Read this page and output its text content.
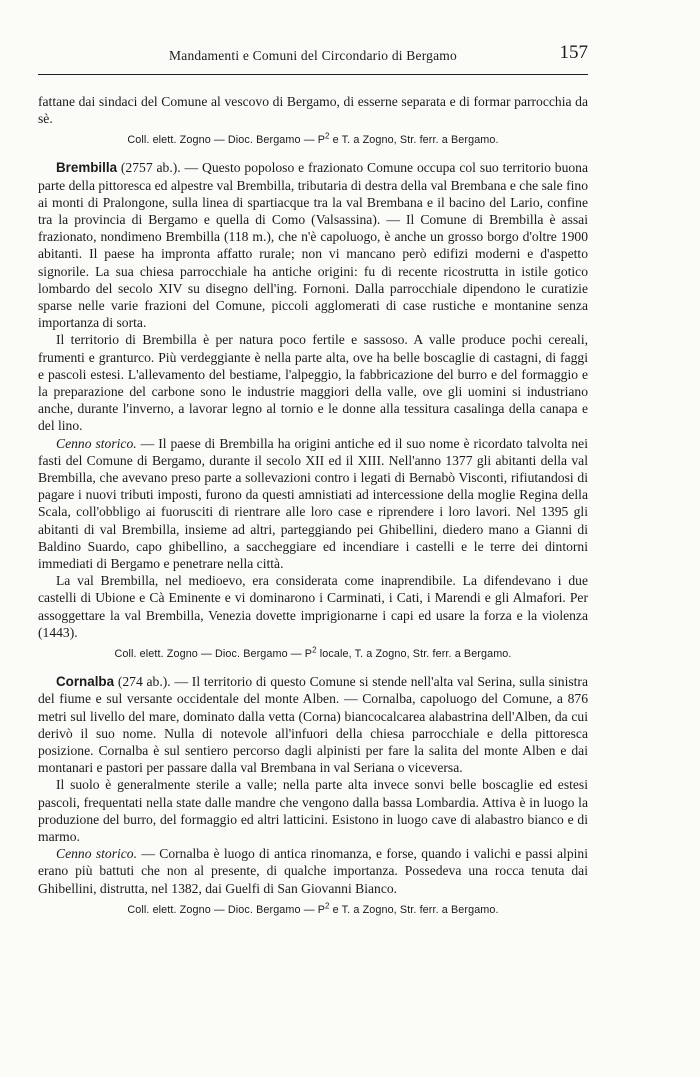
Mandamenti e Comuni del Circondario di Bergamo	157

fattane dai sindaci del Comune al vescovo di Bergamo, di esserne separata e di formar parrocchia da sè.

Coll. elett. Zogno — Dioc. Bergamo — $P^2$ e T. a Zogno, Str. ferr. a Bergamo.

Brembilla (2757 ab.). — Questo popoloso e frazionato Comune occupa col suo territorio buona parte della pittoresca ed alpestre val Brembilla, tributaria di destra della val Brembana e che sale fino ai monti di Pralongone, sulla linea di spartiacque tra la val Brembana e il bacino del Lario, confine tra la provincia di Bergamo e quella di Como (Valsassina). — Il Comune di Brembilla è assai frazionato, nondimeno Brembilla (118 m.), che n'è capoluogo, è anche un grosso borgo d'oltre 1900 abitanti. Il paese ha impronta affatto rurale; non vi mancano però edifizi moderni e d'aspetto signorile. La sua chiesa parrocchiale ha antiche origini: fu di recente ricostrutta in istile gotico lombardo del secolo XIV su disegno dell'ing. Fornoni. Dalla parrocchiale dipendono le curatizie sparse nelle varie frazioni del Comune, piccoli agglomerati di case rustiche e montanine senza importanza di sorta.

Il territorio di Brembilla è per natura poco fertile e sassoso. A valle produce pochi cereali, frumenti e granturco. Più verdeggiante è nella parte alta, ove ha belle boscaglie di castagni, di faggi e pascoli estesi. L'allevamento del bestiame, l'alpeggio, la fabbricazione del burro e del formaggio e la preparazione del carbone sono le industrie maggiori della valle, ove gli uomini si industriano anche, durante l'inverno, a lavorar legno al tornio e le donne alla tessitura casalinga della canapa e del lino.

Cenno storico. — Il paese di Brembilla ha origini antiche ed il suo nome è ricordato talvolta nei fasti del Comune di Bergamo, durante il secolo XII ed il XIII. Nell'anno 1377 gli abitanti della val Brembilla, che avevano preso parte a sollevazioni contro i legati di Bernabò Visconti, rifiutandosi di pagare i nuovi tributi imposti, furono da questi amnistiati ad intercessione della moglie Regina della Scala, coll'obbligo ai fuorusciti di rientrare alle loro case e riprendere i loro lavori. Nel 1395 gli abitanti di val Brembilla, insieme ad altri, parteggiando pei Ghibellini, diedero mano a Gianni di Baldino Suardo, capo ghibellino, a saccheggiare ed incendiare i castelli e le terre dei dintorni immediati di Bergamo e penetrare nella città.

La val Brembilla, nel medioevo, era considerata come inaprendibile. La difendevano i due castelli di Ubione e Cà Eminente e vi dominarono i Carminati, i Cati, i Marendi e gli Almafori. Per assoggettare la val Brembilla, Venezia dovette imprigionarne i capi ed usare la forza e la violenza (1443).

Coll. elett. Zogno — Dioc. Bergamo — $P^2$ locale, T. a Zogno, Str. ferr. a Bergamo.

Cornalba (274 ab.). — Il territorio di questo Comune si stende nell'alta val Serina, sulla sinistra del fiume e sul versante occidentale del monte Alben. — Cornalba, capoluogo del Comune, a 876 metri sul livello del mare, dominato dalla vetta (Corna) biancocalcarea alabastrina dell'Alben, da cui derivò il suo nome. Nulla di notevole all'infuori della chiesa parrocchiale e della pittoresca posizione. Cornalba è sul sentiero percorso dagli alpinisti per fare la salita del monte Alben e dai montanari e pastori per passare dalla val Brembana in val Seriana o viceversa.

Il suolo è generalmente sterile a valle; nella parte alta invece sonvi belle boscaglie ed estesi pascoli, frequentati nella state dalle mandre che vengono dalla bassa Lombardia. Attiva è in luogo la produzione del burro, del formaggio ed altri latticini. Esistono in luogo cave di alabastro bianco e di marmo.

Cenno storico. — Cornalba è luogo di antica rinomanza, e forse, quando i valichi e passi alpini erano più battuti che non al presente, di qualche importanza. Possedeva una rocca tenuta dai Ghibellini, distrutta, nel 1382, dai Guelfi di San Giovanni Bianco.

Coll. elett. Zogno — Dioc. Bergamo — $P^2$ e T. a Zogno, Str. ferr. a Bergamo.
